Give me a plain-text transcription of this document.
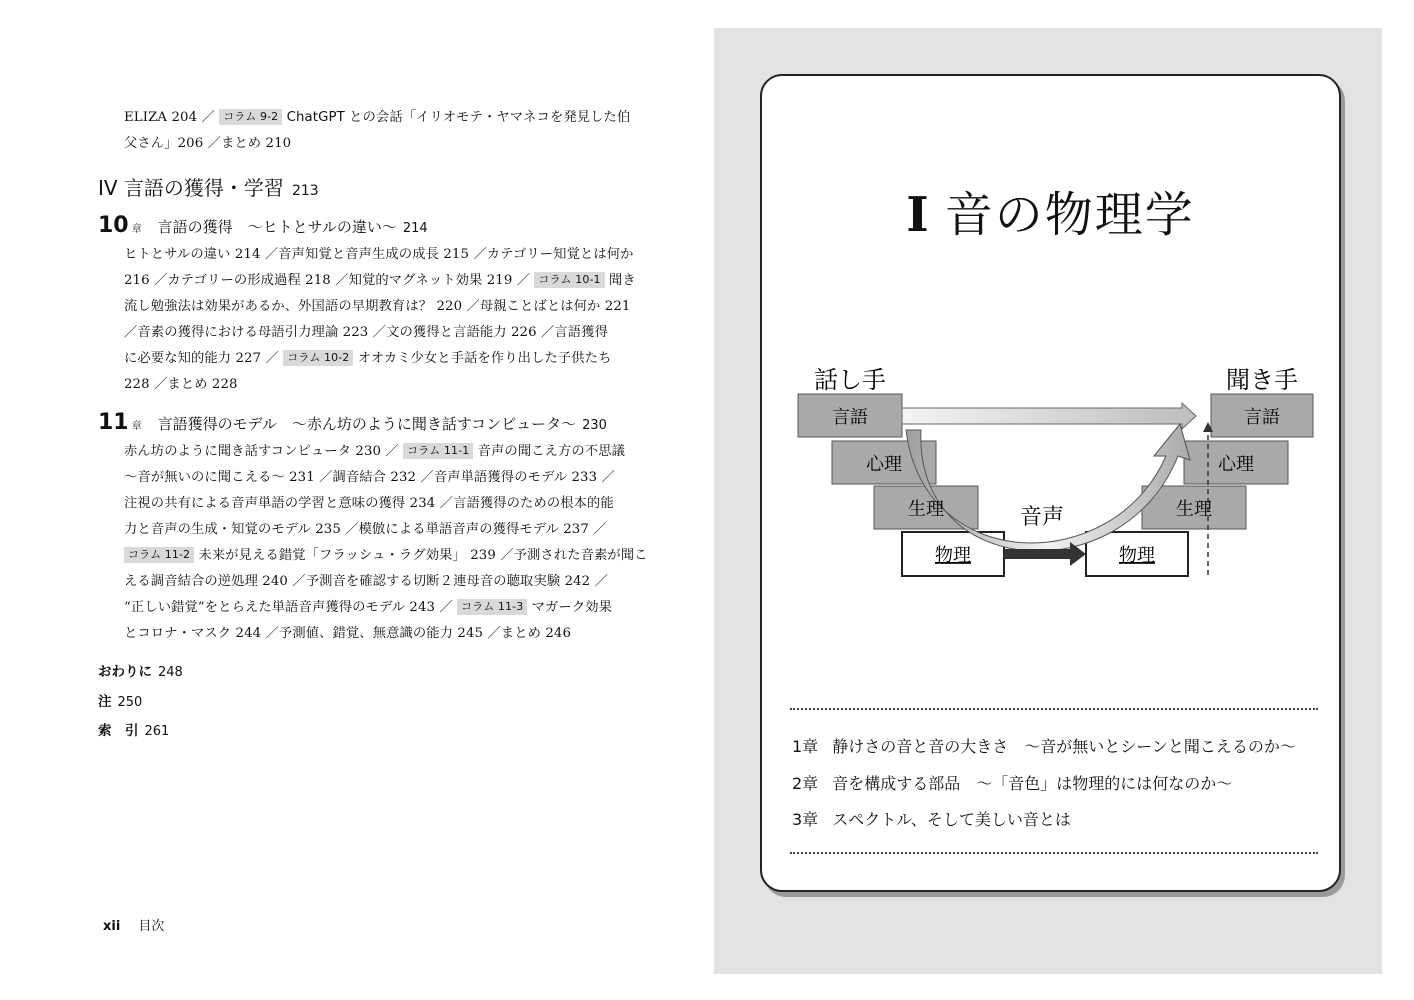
ELIZA 204 ／ コラム 9-2 ChatGPT との会話「イリオモテ・ヤマネコを発見した伯
父さん」206 ／まとめ 210
IV 言語の獲得・学習 213
10 章 言語の獲得　〜ヒトとサルの違い〜 214
ヒトとサルの違い 214 ／音声知覚と音声生成の成長 215 ／カテゴリー知覚とは何か
216 ／カテゴリーの形成過程 218 ／知覚的マグネット効果 219 ／ コラム 10-1 聞き
流し勉強法は効果があるか、外国語の早期教育は？ 220 ／母親ことばとは何か 221
／音素の獲得における母語引力理論 223 ／文の獲得と言語能力 226 ／言語獲得
に必要な知的能力 227 ／ コラム 10-2 オオカミ少女と手話を作り出した子供たち
228 ／まとめ 228
11 章 言語獲得のモデル　〜赤ん坊のように聞き話すコンピュータ〜 230
赤ん坊のように聞き話すコンピュータ 230 ／ コラム 11-1 音声の聞こえ方の不思議
〜音が無いのに聞こえる〜 231 ／調音結合 232 ／音声単語獲得のモデル 233 ／
注視の共有による音声単語の学習と意味の獲得 234 ／言語獲得のための根本的能
力と音声の生成・知覚のモデル 235 ／模倣による単語音声の獲得モデル 237 ／
コラム 11-2 未来が見える錯覚「フラッシュ・ラグ効果」 239 ／予測された音素が聞こ
える調音結合の逆処理 240 ／予測音を確認する切断２連母音の聴取実験 242 ／
“正しい錯覚”をとらえた単語音声獲得のモデル 243 ／ コラム 11-3 マガーク効果
とコロナ・マスク 244 ／予測値、錯覚、無意識の能力 245 ／まとめ 246
おわりに 248
注 250
索　引 261
xii 目次
I 音の物理学
話し手	聞き手
言語
心理
生理
物理
言語
心理
生理
物理
音声
1章 静けさの音と音の大きさ　〜音が無いとシーンと聞こえるのか〜
2章 音を構成する部品　〜「音色」は物理的には何なのか〜
3章 スペクトル、そして美しい音とは
